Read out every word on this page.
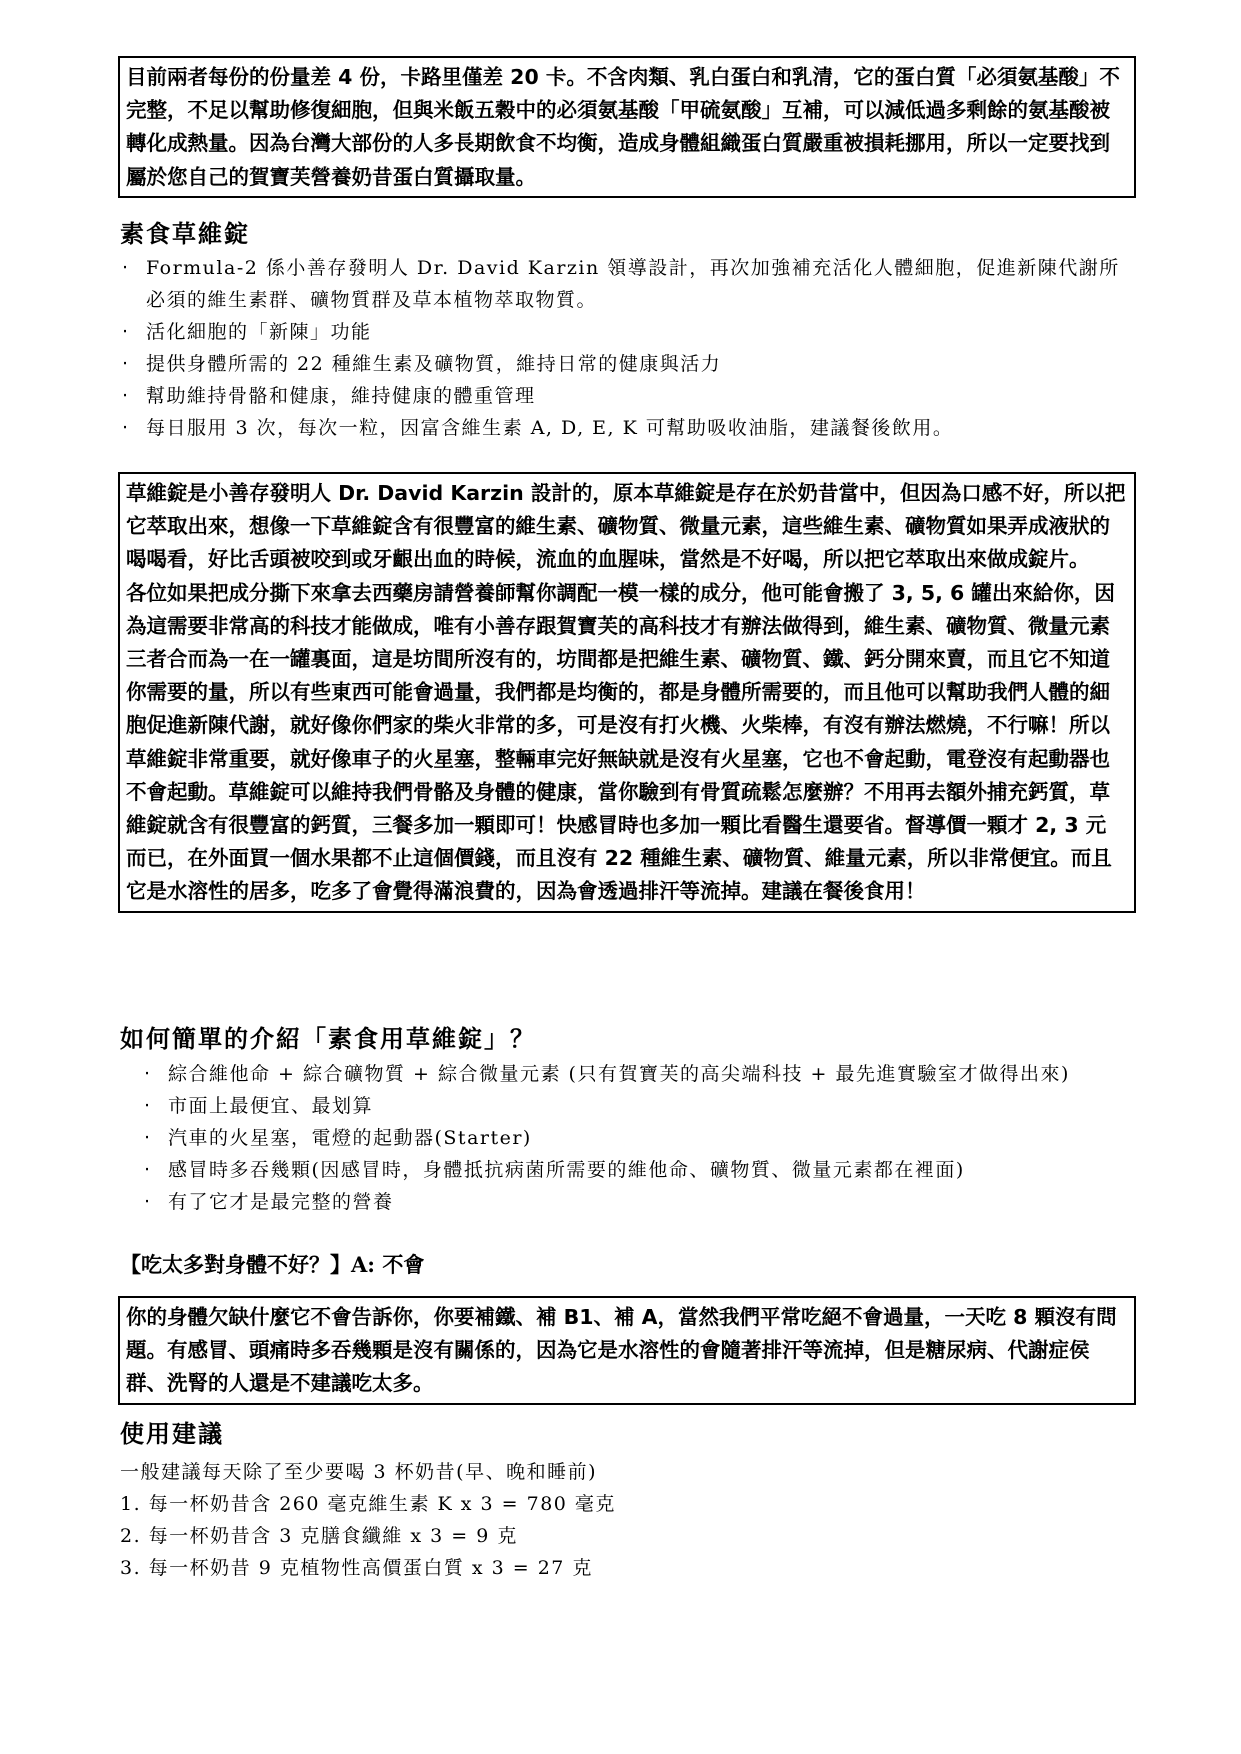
目前兩者每份的份量差 4 份，卡路里僅差 20 卡。不含肉類、乳白蛋白和乳清，它的蛋白質「必須氨基酸」不完整，不足以幫助修復細胞，但與米飯五穀中的必須氨基酸「甲硫氨酸」互補，可以減低過多剩餘的氨基酸被轉化成熱量。因為台灣大部份的人多長期飲食不均衡，造成身體組織蛋白質嚴重被損耗挪用，所以一定要找到屬於您自己的賀寶芙營養奶昔蛋白質攝取量。

素食草維錠
‧ Formula-2 係小善存發明人 Dr. David Karzin 領導設計，再次加強補充活化人體細胞，促進新陳代謝所必須的維生素群、礦物質群及草本植物萃取物質。
‧ 活化細胞的「新陳」功能
‧ 提供身體所需的 22 種維生素及礦物質，維持日常的健康與活力
‧ 幫助維持骨骼和健康，維持健康的體重管理
‧ 每日服用 3 次，每次一粒，因富含維生素 A, D, E, K 可幫助吸收油脂，建議餐後飲用。

草維錠是小善存發明人 Dr. David Karzin 設計的，原本草維錠是存在於奶昔當中，但因為口感不好，所以把它萃取出來，想像一下草維錠含有很豐富的維生素、礦物質、微量元素，這些維生素、礦物質如果弄成液狀的喝喝看，好比舌頭被咬到或牙齦出血的時候，流血的血腥味，當然是不好喝，所以把它萃取出來做成錠片。

各位如果把成分撕下來拿去西藥房請營養師幫你調配一模一樣的成分，他可能會搬了 3, 5, 6 罐出來給你，因為這需要非常高的科技才能做成，唯有小善存跟賀寶芙的高科技才有辦法做得到，維生素、礦物質、微量元素三者合而為一在一罐裏面，這是坊間所沒有的，坊間都是把維生素、礦物質、鐵、鈣分開來賣，而且它不知道你需要的量，所以有些東西可能會過量，我們都是均衡的，都是身體所需要的，而且他可以幫助我們人體的細胞促進新陳代謝，就好像你們家的柴火非常的多，可是沒有打火機、火柴棒，有沒有辦法燃燒，不行嘛！所以草維錠非常重要，就好像車子的火星塞，整輛車完好無缺就是沒有火星塞，它也不會起動，電登沒有起動器也不會起動。草維錠可以維持我們骨骼及身體的健康，當你驗到有骨質疏鬆怎麼辦？不用再去額外捕充鈣質，草維錠就含有很豐富的鈣質，三餐多加一顆即可！快感冒時也多加一顆比看醫生還要省。督導價一顆才 2, 3 元而已，在外面買一個水果都不止這個價錢，而且沒有 22 種維生素、礦物質、維量元素，所以非常便宜。而且它是水溶性的居多，吃多了會覺得滿浪費的，因為會透過排汗等流掉。建議在餐後食用！

如何簡單的介紹「素食用草維錠」？
‧ 綜合維他命 + 綜合礦物質 + 綜合微量元素 (只有賀寶芙的高尖端科技 + 最先進實驗室才做得出來)
‧ 市面上最便宜、最划算
‧ 汽車的火星塞，電燈的起動器(Starter)
‧ 感冒時多吞幾顆(因感冒時，身體抵抗病菌所需要的維他命、礦物質、微量元素都在裡面)
‧ 有了它才是最完整的營養
【吃太多對身體不好？】A: 不會

你的身體欠缺什麼它不會告訴你，你要補鐵、補 B1、補 A，當然我們平常吃絕不會過量，一天吃 8 顆沒有問題。有感冒、頭痛時多吞幾顆是沒有關係的，因為它是水溶性的會隨著排汗等流掉，但是糖尿病、代謝症侯群、洗腎的人還是不建議吃太多。

使用建議

一般建議每天除了至少要喝 3 杯奶昔(早、晚和睡前)

1. 每一杯奶昔含 260 毫克維生素 K x 3 = 780 毫克
2. 每一杯奶昔含 3 克膳食纖維 x 3 = 9 克
3. 每一杯奶昔 9 克植物性高價蛋白質 x 3 = 27 克
